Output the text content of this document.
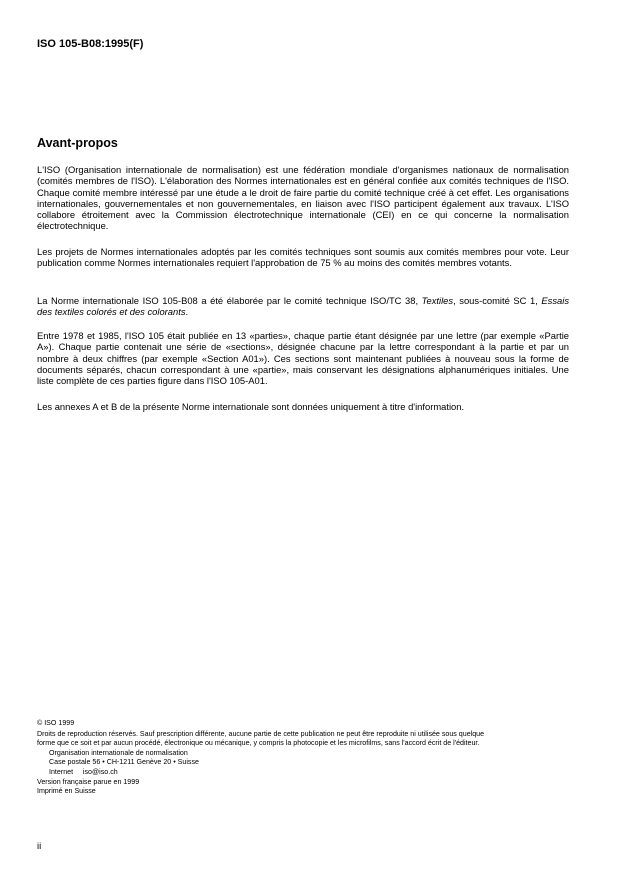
ISO 105-B08:1995(F)
Avant-propos
L'ISO (Organisation internationale de normalisation) est une fédération mondiale d'organismes nationaux de normalisation (comités membres de l'ISO). L'élaboration des Normes internationales est en général confiée aux comités techniques de l'ISO. Chaque comité membre intéressé par une étude a le droit de faire partie du comité technique créé à cet effet. Les organisations internationales, gouvernementales et non gouvernementales, en liaison avec l'ISO participent également aux travaux. L'ISO collabore étroitement avec la Commission électrotechnique internationale (CEI) en ce qui concerne la normalisation électrotechnique.
Les projets de Normes internationales adoptés par les comités techniques sont soumis aux comités membres pour vote. Leur publication comme Normes internationales requiert l'approbation de 75 % au moins des comités membres votants.
La Norme internationale ISO 105-B08 a été élaborée par le comité technique ISO/TC 38, Textiles, sous-comité SC 1, Essais des textiles colorés et des colorants.
Entre 1978 et 1985, l'ISO 105 était publiée en 13 «parties», chaque partie étant désignée par une lettre (par exemple «Partie A»). Chaque partie contenait une série de «sections», désignée chacune par la lettre correspondant à la partie et par un nombre à deux chiffres (par exemple «Section A01»). Ces sections sont maintenant publiées à nouveau sous la forme de documents séparés, chacun correspondant à une «partie», mais conservant les désignations alphanumériques initiales. Une liste complète de ces parties figure dans l'ISO 105-A01.
Les annexes A et B de la présente Norme internationale sont données uniquement à titre d'information.
© ISO 1999
Droits de reproduction réservés. Sauf prescription différente, aucune partie de cette publication ne peut être reproduite ni utilisée sous quelque
forme que ce soit et par aucun procédé, électronique ou mécanique, y compris la photocopie et les microfilms, sans l'accord écrit de l'éditeur.
Organisation internationale de normalisation
Case postale 56 • CH-1211 Genève 20 • Suisse
Internet     iso@iso.ch
Version française parue en 1999
Imprimé en Suisse
ii
